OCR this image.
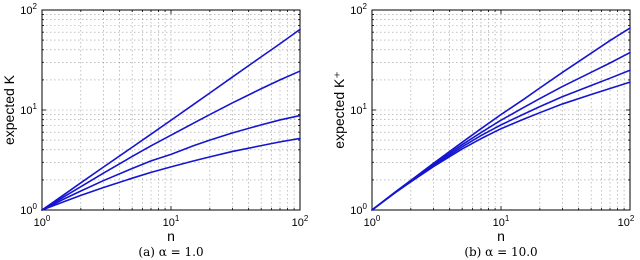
$10^0$	$10^1$	$10^2$
$10^0$
$10^1$
$10^2$
n
expected K
(a) α = 1.0
$10^0$	$10^1$	$10^2$
$10^0$
$10^1$
$10^2$
n
expected K⁺
(b) α = 10.0
